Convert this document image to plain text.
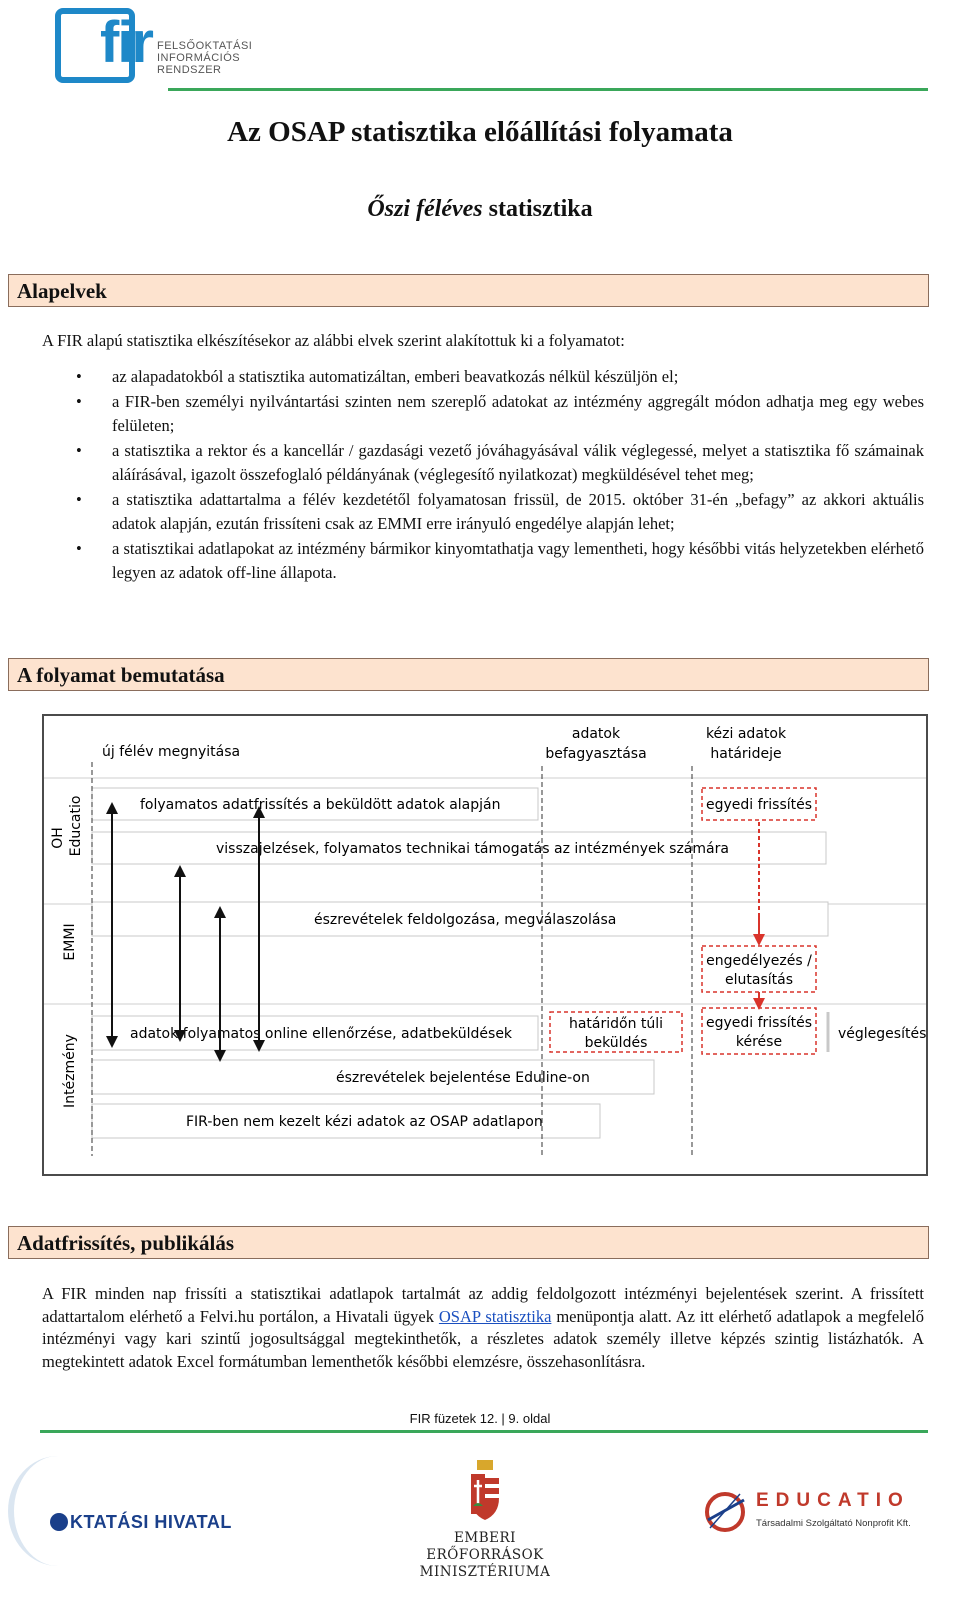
fir FELSŐOKTATÁSI
INFORMÁCIÓS
RENDSZER
Az OSAP statisztika előállítási folyamata
Őszi féléves statisztika
Alapelvek

A FIR alapú statisztika elkészítésekor az alábbi elvek szerint alakítottuk ki a folyamatot:

• az alapadatokból a statisztika automatizáltan, emberi beavatkozás nélkül készüljön el;
• a FIR-ben személyi nyilvántartási szinten nem szereplő adatokat az intézmény aggregált módon adhatja meg egy webes felületen;
• a statisztika a rektor és a kancellár / gazdasági vezető jóváhagyásával válik véglegessé, melyet a statisztika fő számainak aláírásával, igazolt összefoglaló példányának (véglegesítő nyilatkozat) megküldésével tehet meg;
• a statisztika adattartalma a félév kezdetétől folyamatosan frissül, de 2015. október 31-én „befagy” az akkori aktuális adatok alapján, ezután frissíteni csak az EMMI erre irányuló engedélye alapján lehet;
• a statisztikai adatlapokat az intézmény bármikor kinyomtathatja vagy lementheti, hogy későbbi vitás helyzetekben elérhető legyen az adatok off-line állapota.
A folyamat bemutatása
új félév megnyitása
adatok
befagyasztása
kézi adatok
határideje
OH Educatio
EMMI
Intézmény
folyamatos adatfrissítés a beküldött adatok alapján
visszajelzések, folyamatos technikai támogatás az intézmények számára
egyedi frissítés
észrevételek feldolgozása, megválaszolása
engedélyezés /
elutasítás
adatok folyamatos online ellenőrzése, adatbeküldések
határidőn túli
beküldés
egyedi frissítés
kérése	véglegesítés
észrevételek bejelentése Eduline-on
FIR-ben nem kezelt kézi adatok az OSAP adatlapon
Adatfrissítés, publikálás

A FIR minden nap frissíti a statisztikai adatlapok tartalmát az addig feldolgozott intézményi bejelentések szerint. A frissített adattartalom elérhető a Felvi.hu portálon, a Hivatali ügyek OSAP statisztika menüpontja alatt. Az itt elérhető adatlapok a megfelelő intézményi vagy kari szintű jogosultsággal megtekinthetők, a részletes adatok személy illetve képzés szintig listázhatók. A megtekintett adatok Excel formátumban lementhetők későbbi elemzésre, összehasonlításra.

FIR füzetek 12. | 9. oldal
KTATÁSI HIVATAL
EMBERI ERŐFORRÁSOK
MINISZTÉRIUMA
EDUCATIO
Társadalmi Szolgáltató Nonprofit Kft.
